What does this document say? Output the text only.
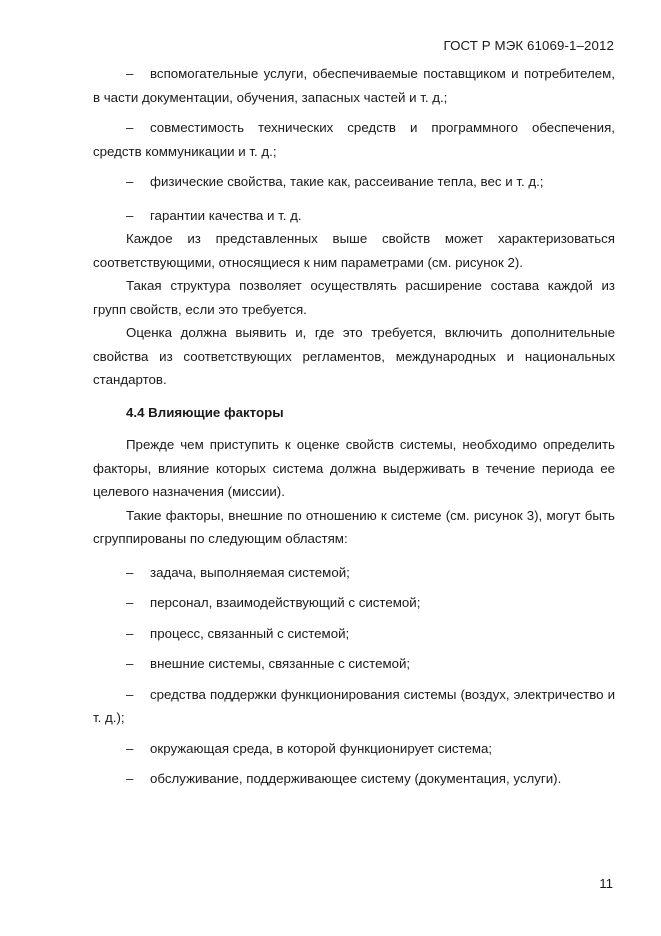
ГОСТ Р МЭК 61069-1–2012
– вспомогательные услуги, обеспечиваемые поставщиком и потребителем, в части документации, обучения, запасных частей и т. д.;
– совместимость технических средств и программного обеспечения, средств коммуникации и т. д.;
– физические свойства, такие как, рассеивание тепла, вес и т. д.;
– гарантии качества и т. д.
Каждое из представленных выше свойств может характеризоваться соответствующими, относящиеся к ним параметрами (см. рисунок 2).
Такая структура позволяет осуществлять расширение состава каждой из групп свойств, если это требуется.
Оценка должна выявить и, где это требуется, включить дополнительные свойства из соответствующих регламентов, международных и национальных стандартов.
4.4 Влияющие факторы
Прежде чем приступить к оценке свойств системы, необходимо определить факторы, влияние которых система должна выдерживать в течение периода ее целевого назначения (миссии).
Такие факторы, внешние по отношению к системе (см. рисунок 3), могут быть сгруппированы по следующим областям:
– задача, выполняемая системой;
– персонал, взаимодействующий с системой;
– процесс, связанный с системой;
– внешние системы, связанные с системой;
– средства поддержки функционирования системы (воздух, электричество и т. д.);
– окружающая среда, в которой функционирует система;
– обслуживание, поддерживающее систему (документация, услуги).
11
